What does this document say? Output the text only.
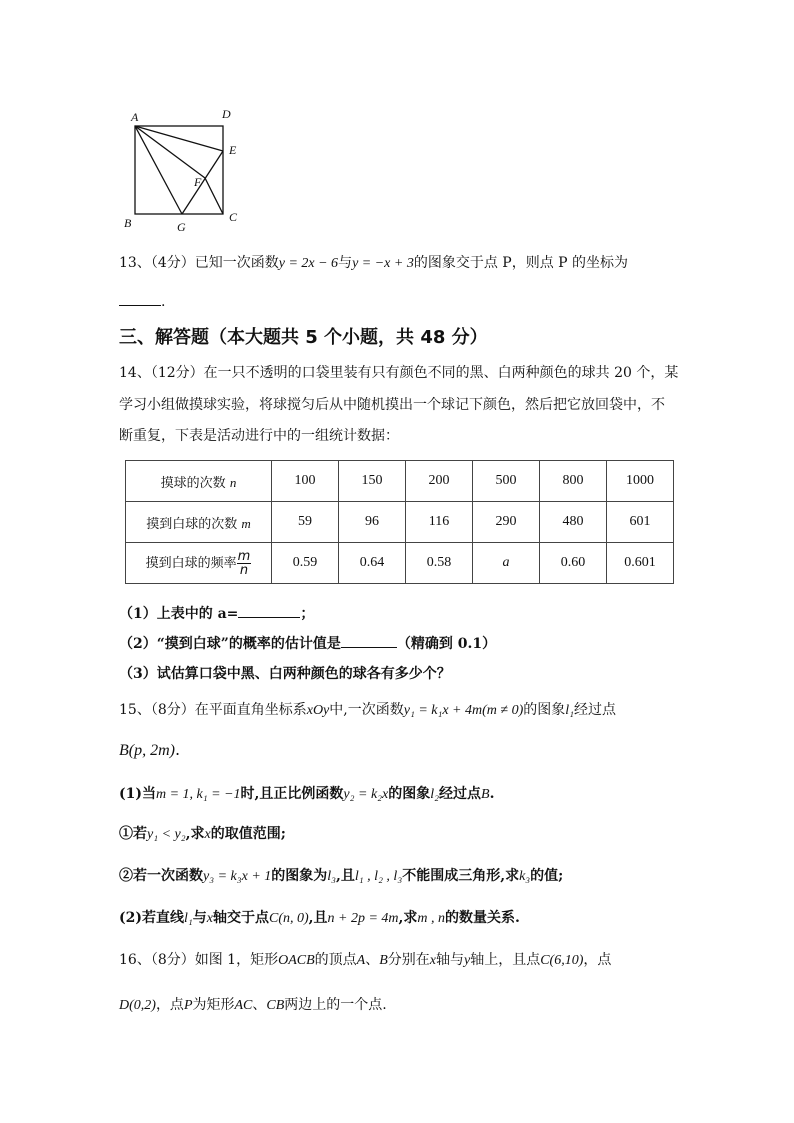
A	D
E
F
B	G
C
13、（4分）已知一次函数y = 2x − 6与y = −x + 3的图象交于点 P，则点 P 的坐标为
.
三、解答题（本大题共 5 个小题，共 48 分）
14、（12分）在一只不透明的口袋里装有只有颜色不同的黑、白两种颜色的球共 20 个，某
学习小组做摸球实验，将球搅匀后从中随机摸出一个球记下颜色，然后把它放回袋中，不
断重复，下表是活动进行中的一组统计数据：
摸球的次数 n	100	150	200	500	800	1000
摸到白球的次数 m	59	96	116	290	480	601
摸到白球的频率 $\frac{m}{n}$	0.59	0.64	0.58	a	0.60	0.601
（1）上表中的 a=	；
（2）“摸到白球”的概率的估计值是	（精确到 0.1）
（3）试估算口袋中黑、白两种颜色的球各有多少个？
15、（8分）在平面直角坐标系xOy中,一次函数y₁ = k₁x + 4m(m ≠ 0)的图象l₁经过点
B(p, 2m).
(1)当m = 1, k₁ = −1时,且正比例函数y₂ = k₂x的图象l₂经过点B.
①若y₁ < y₂,求x的取值范围;
②若一次函数y₃ = k₃x + 1的图象为l₃,且l₁ , l₂ , l₃不能围成三角形,求k₃的值;
(2)若直线l₁与x轴交于点C(n, 0),且n + 2p = 4m,求m , n的数量关系.
16、（8分）如图 1，矩形OACB的顶点A、B分别在x轴与y轴上，且点C(6,10)，点
D(0,2)，点P为矩形AC、CB两边上的一个点.
